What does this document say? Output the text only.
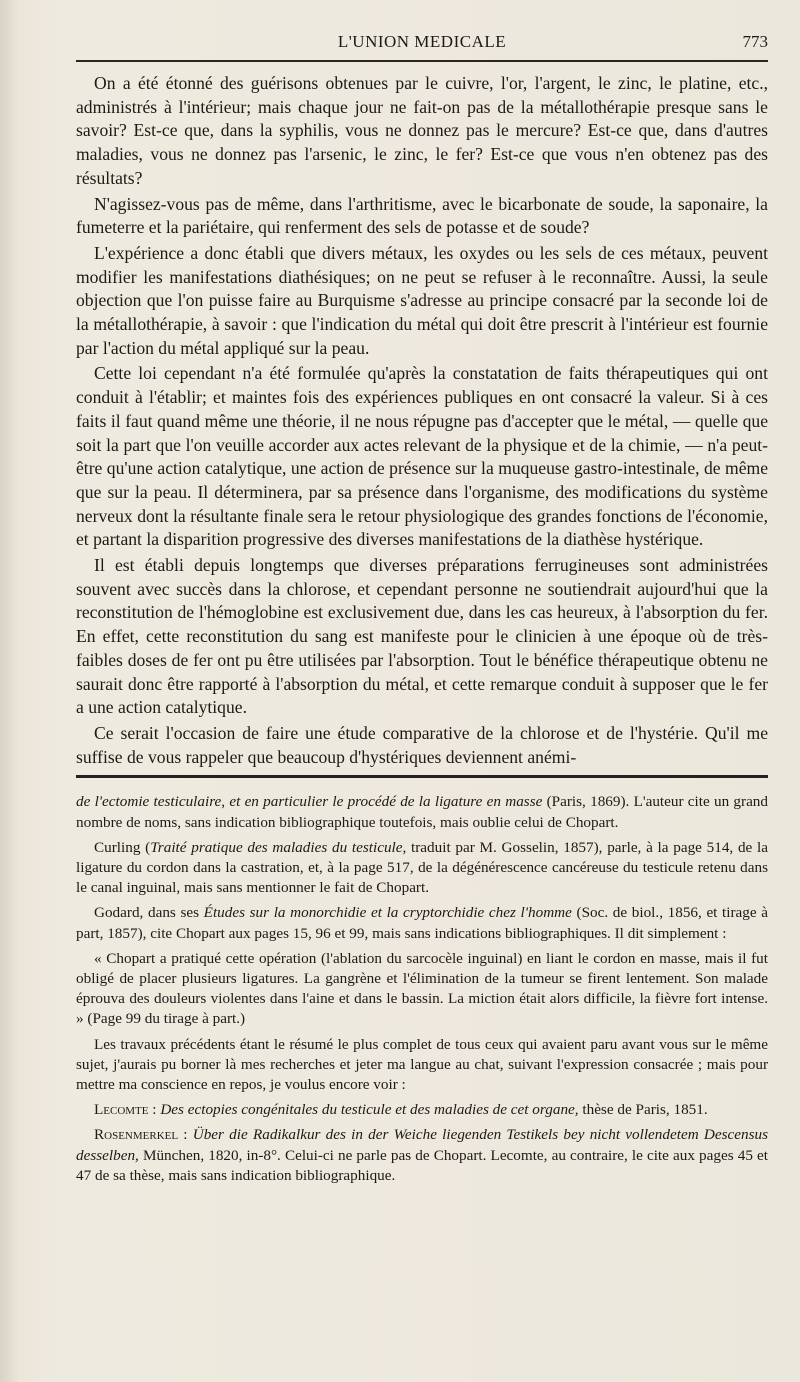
L'UNION MEDICALE	773

On a été étonné des guérisons obtenues par le cuivre, l'or, l'argent, le zinc, le platine, etc., administrés à l'intérieur; mais chaque jour ne fait-on pas de la métallothérapie presque sans le savoir? Est-ce que, dans la syphilis, vous ne donnez pas le mercure? Est-ce que, dans d'autres maladies, vous ne donnez pas l'arsenic, le zinc, le fer? Est-ce que vous n'en obtenez pas des résultats?

N'agissez-vous pas de même, dans l'arthritisme, avec le bicarbonate de soude, la saponaire, la fumeterre et la pariétaire, qui renferment des sels de potasse et de soude?

L'expérience a donc établi que divers métaux, les oxydes ou les sels de ces métaux, peuvent modifier les manifestations diathésiques; on ne peut se refuser à le reconnaître. Aussi, la seule objection que l'on puisse faire au Burquisme s'adresse au principe consacré par la seconde loi de la métallothérapie, à savoir : que l'indication du métal qui doit être prescrit à l'intérieur est fournie par l'action du métal appliqué sur la peau.

Cette loi cependant n'a été formulée qu'après la constatation de faits thérapeutiques qui ont conduit à l'établir; et maintes fois des expériences publiques en ont consacré la valeur. Si à ces faits il faut quand même une théorie, il ne nous répugne pas d'accepter que le métal, — quelle que soit la part que l'on veuille accorder aux actes relevant de la physique et de la chimie, — n'a peut-être qu'une action catalytique, une action de présence sur la muqueuse gastro-intestinale, de même que sur la peau. Il déterminera, par sa présence dans l'organisme, des modifications du système nerveux dont la résultante finale sera le retour physiologique des grandes fonctions de l'économie, et partant la disparition progressive des diverses manifestations de la diathèse hystérique.

Il est établi depuis longtemps que diverses préparations ferrugineuses sont administrées souvent avec succès dans la chlorose, et cependant personne ne soutiendrait aujourd'hui que la reconstitution de l'hémoglobine est exclusivement due, dans les cas heureux, à l'absorption du fer. En effet, cette reconstitution du sang est manifeste pour le clinicien à une époque où de très-faibles doses de fer ont pu être utilisées par l'absorption. Tout le bénéfice thérapeutique obtenu ne saurait donc être rapporté à l'absorption du métal, et cette remarque conduit à supposer que le fer a une action catalytique.

Ce serait l'occasion de faire une étude comparative de la chlorose et de l'hystérie. Qu'il me suffise de vous rappeler que beaucoup d'hystériques deviennent anémi-

de l'ectomie testiculaire, et en particulier le procédé de la ligature en masse (Paris, 1869). L'auteur cite un grand nombre de noms, sans indication bibliographique toutefois, mais oublie celui de Chopart.

Curling (Traité pratique des maladies du testicule, traduit par M. Gosselin, 1857), parle, à la page 514, de la ligature du cordon dans la castration, et, à la page 517, de la dégénérescence cancéreuse du testicule retenu dans le canal inguinal, mais sans mentionner le fait de Chopart.

Godard, dans ses Études sur la monorchidie et la cryptorchidie chez l'homme (Soc. de biol., 1856, et tirage à part, 1857), cite Chopart aux pages 15, 96 et 99, mais sans indications bibliographiques. Il dit simplement :

« Chopart a pratiqué cette opération (l'ablation du sarcocèle inguinal) en liant le cordon en masse, mais il fut obligé de placer plusieurs ligatures. La gangrène et l'élimination de la tumeur se firent lentement. Son malade éprouva des douleurs violentes dans l'aine et dans le bassin. La miction était alors difficile, la fièvre fort intense. » (Page 99 du tirage à part.)

Les travaux précédents étant le résumé le plus complet de tous ceux qui avaient paru avant vous sur le même sujet, j'aurais pu borner là mes recherches et jeter ma langue au chat, suivant l'expression consacrée ; mais pour mettre ma conscience en repos, je voulus encore voir :

Lecomte : Des ectopies congénitales du testicule et des maladies de cet organe, thèse de Paris, 1851.

Rosenmerkel : Über die Radikalkur des in der Weiche liegenden Testikels bey nicht vollendetem Descensus desselben, München, 1820, in-8°. Celui-ci ne parle pas de Chopart. Lecomte, au contraire, le cite aux pages 45 et 47 de sa thèse, mais sans indication bibliographique.
